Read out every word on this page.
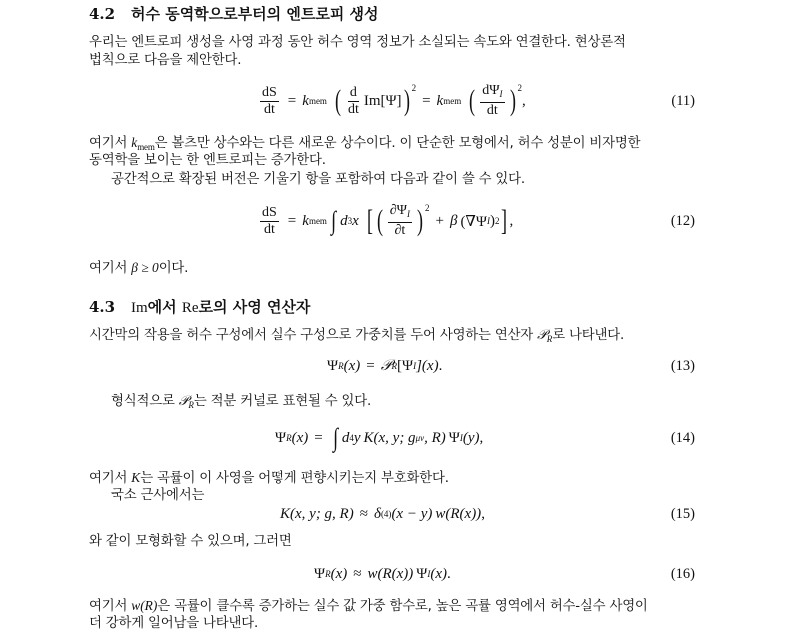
4.2 허수 동역학으로부터의 엔트로피 생성
우리는 엔트로피 생성을 사영 과정 동안 허수 영역 정보가 소실되는 속도와 연결한다. 현상론적
법칙으로 다음을 제안한다.
$\frac{dS}{dt} = k$ mem ( $\frac{d}{dt} Im[\Psi]$ ) 2
= k mem ( $\frac{d\Psi_I}{dt}$ ) 2
,	(11)
여기서 $k_{mem}$은 볼츠만 상수와는 다른 새로운 상수이다. 이 단순한 모형에서, 허수 성분이 비자명한
동역학을 보이는 한 엔트로피는 증가한다.
공간적으로 확장된 버전은 기울기 항을 포함하여 다음과 같이 쓸 수 있다.
$\frac{dS}{dt} = k$ mem ∫ d 3 x [ ( $\frac{\partial\Psi_I}{\partial t}$ ) 2
+ β (∇Ψ I ) 2 ] ,	(12)
여기서 β ≥ 0이다.
4.3 Im에서 Re로의 사영 연산자
시간막의 작용을 허수 구성에서 실수 구성으로 가중치를 두어 사영하는 연산자 𝒫$_R$로 나타낸다.
Ψ R (x) = 𝒫 R [Ψ I ](x) .	(13)
형식적으로 𝒫$_R$는 적분 커널로 표현될 수 있다.
Ψ R (x) = ∫ d 4 y K(x, y; g μν , R) Ψ I (y) ,	(14)
여기서 K는 곡률이 이 사영을 어떻게 편향시키는지 부호화한다.
국소 근사에서는
K(x, y; g, R) ≈ δ (4) (x − y) w(R(x)) ,	(15)
와 같이 모형화할 수 있으며, 그러면
Ψ R (x) ≈ w(R(x)) Ψ I (x) .	(16)
여기서 w(R)은 곡률이 클수록 증가하는 실수 값 가중 함수로, 높은 곡률 영역에서 허수-실수 사영이
더 강하게 일어남을 나타낸다.
